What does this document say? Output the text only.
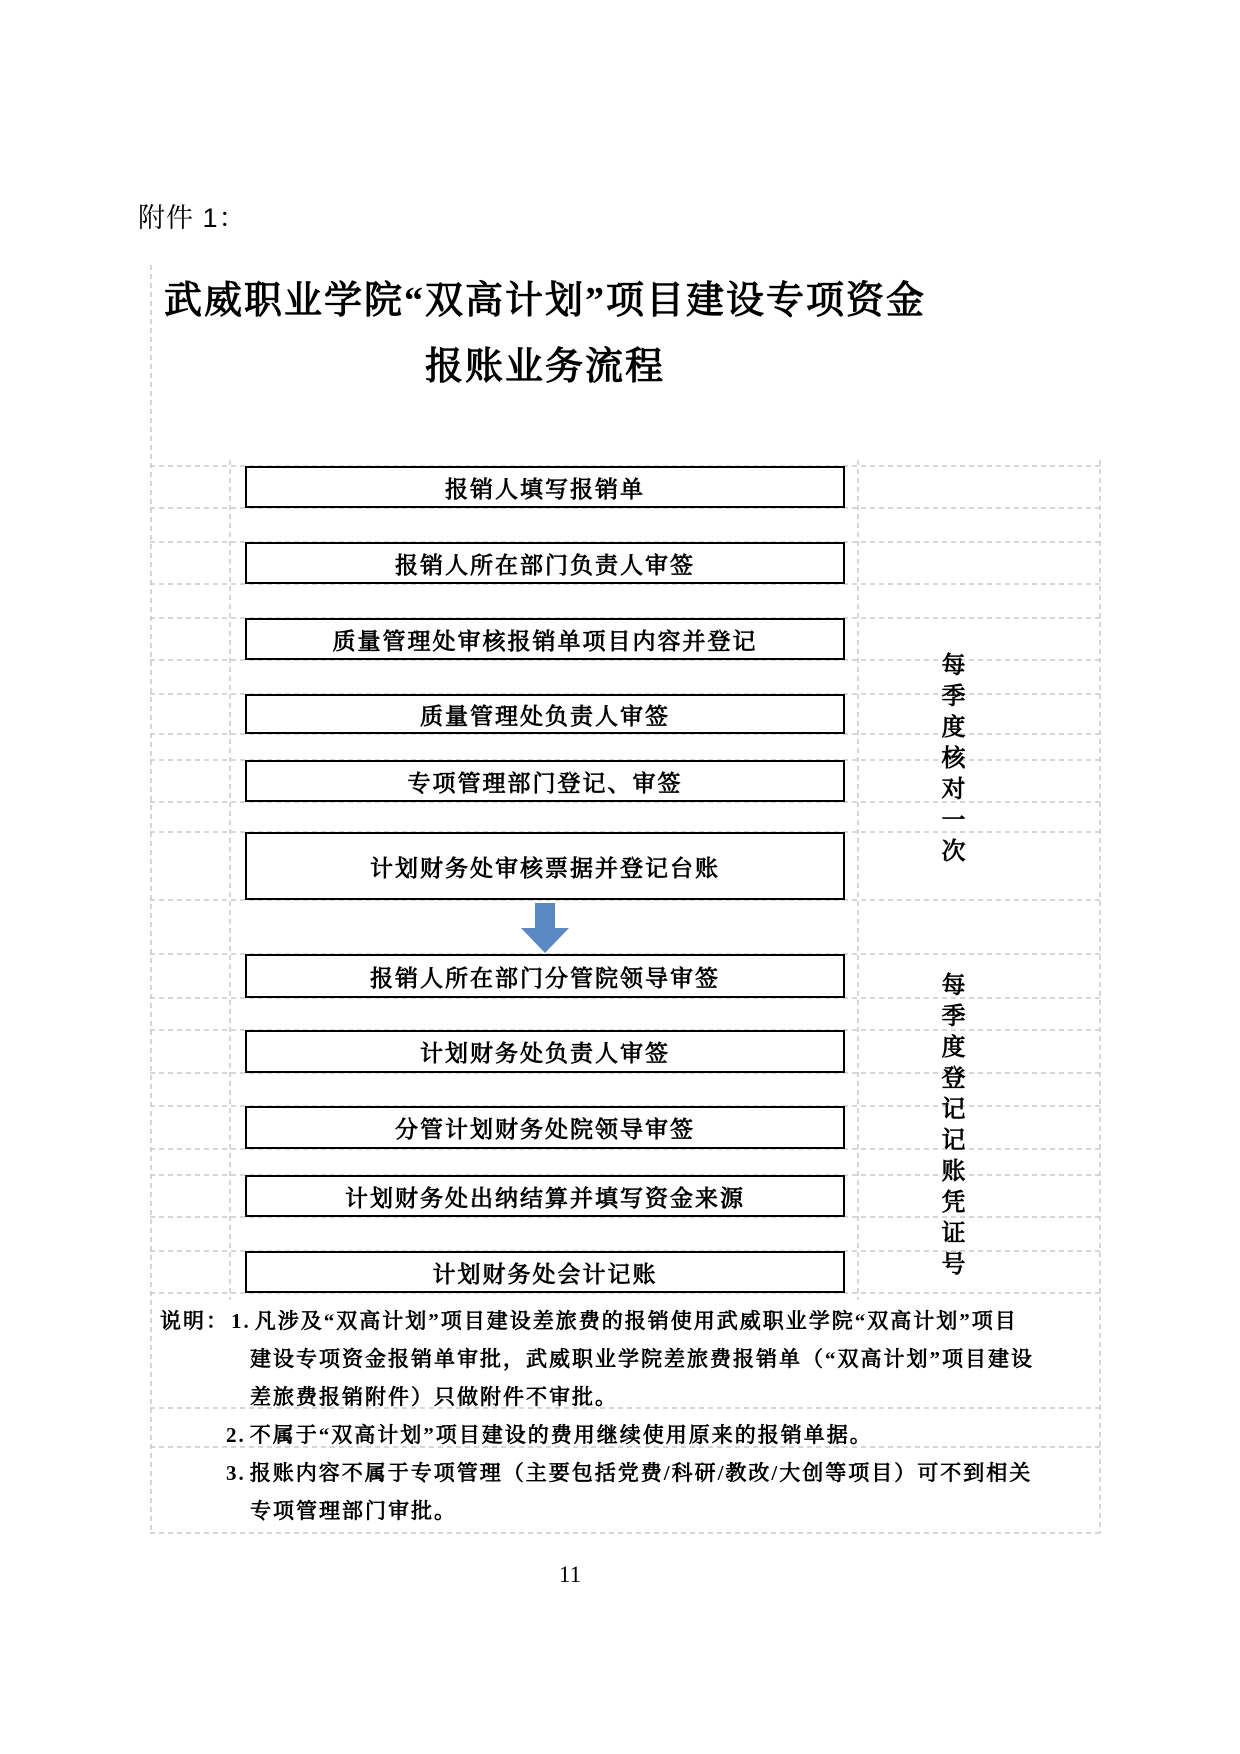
附件 1：
武威职业学院“双高计划”项目建设专项资金
报账业务流程
报销人填写报销单
报销人所在部门负责人审签
质量管理处审核报销单项目内容并登记
质量管理处负责人审签
专项管理部门登记、审签
计划财务处审核票据并登记台账
报销人所在部门分管院领导审签
计划财务处负责人审签
分管计划财务处院领导审签
计划财务处出纳结算并填写资金来源
计划财务处会计记账
每季度核对一次
每季度登记记账凭证号
说明：1. 凡涉及“双高计划”项目建设差旅费的报销使用武威职业学院“双高计划”项目
建设专项资金报销单审批，武威职业学院差旅费报销单（“双高计划”项目建设
差旅费报销附件）只做附件不审批。
2. 不属于“双高计划”项目建设的费用继续使用原来的报销单据。
3. 报账内容不属于专项管理（主要包括党费/科研/教改/大创等项目）可不到相关
专项管理部门审批。
11
